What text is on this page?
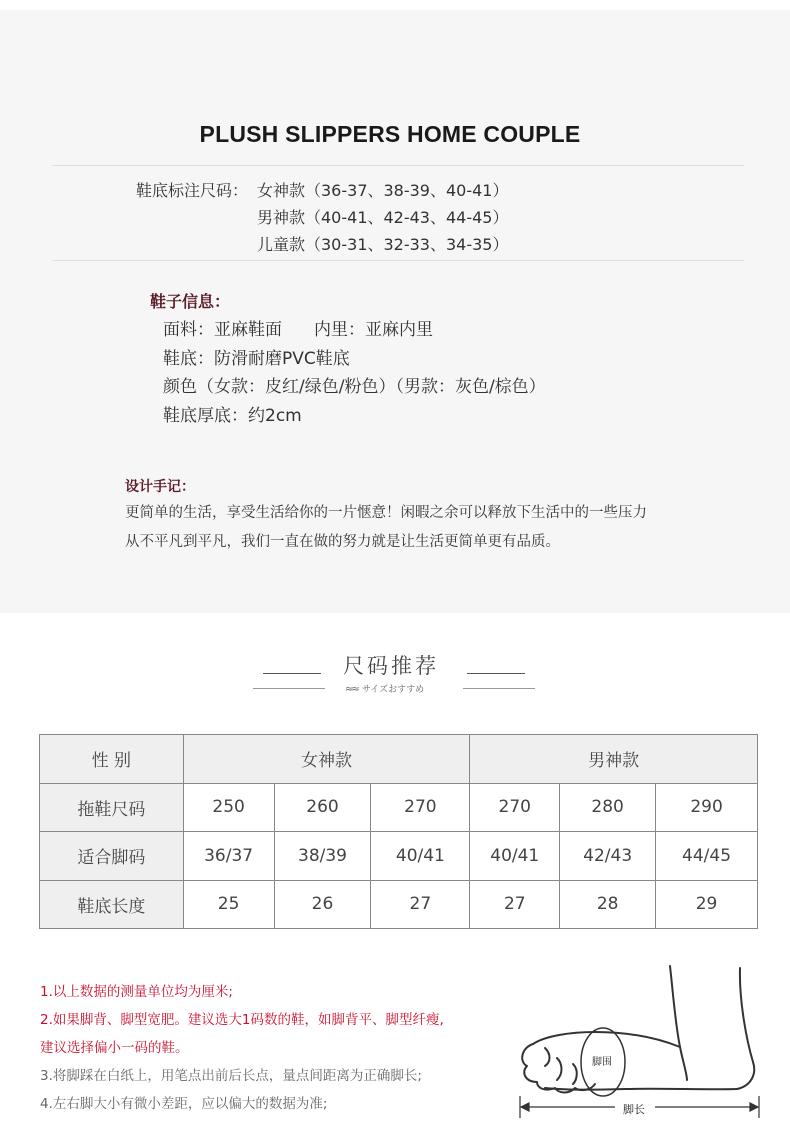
PLUSH SLIPPERS HOME COUPLE
鞋底标注尺码： 女神款（36-37、38-39、40-41）
男神款（40-41、42-43、44-45）
儿童款（30-31、32-33、34-35）
鞋子信息：
面料：亚麻鞋面 内里：亚麻内里
鞋底：防滑耐磨PVC鞋底
颜色（女款：皮红/绿色/粉色）（男款：灰色/棕色）
鞋底厚底：约2cm
设计手记：
更简单的生活，享受生活给你的一片惬意！闲暇之余可以释放下生活中的一些压力
从不平凡到平凡，我们一直在做的努力就是让生活更简单更有品质。
尺码推荐
≈≈ サイズおすすめ
性 别	女神款			男神款		
拖鞋尺码	250	260	270	270	280	290
适合脚码	36/37	38/39	40/41	40/41	42/43	44/45
鞋底长度	25	26	27	27	28	29
1.以上数据的测量单位均为厘米;
2.如果脚背、脚型宽肥。建议选大1码数的鞋，如脚背平、脚型纤瘦,
建议选择偏小一码的鞋。
3.将脚踩在白纸上，用笔点出前后长点，量点间距离为正确脚长;
4.左右脚大小有微小差距，应以偏大的数据为准;
脚围
脚长
